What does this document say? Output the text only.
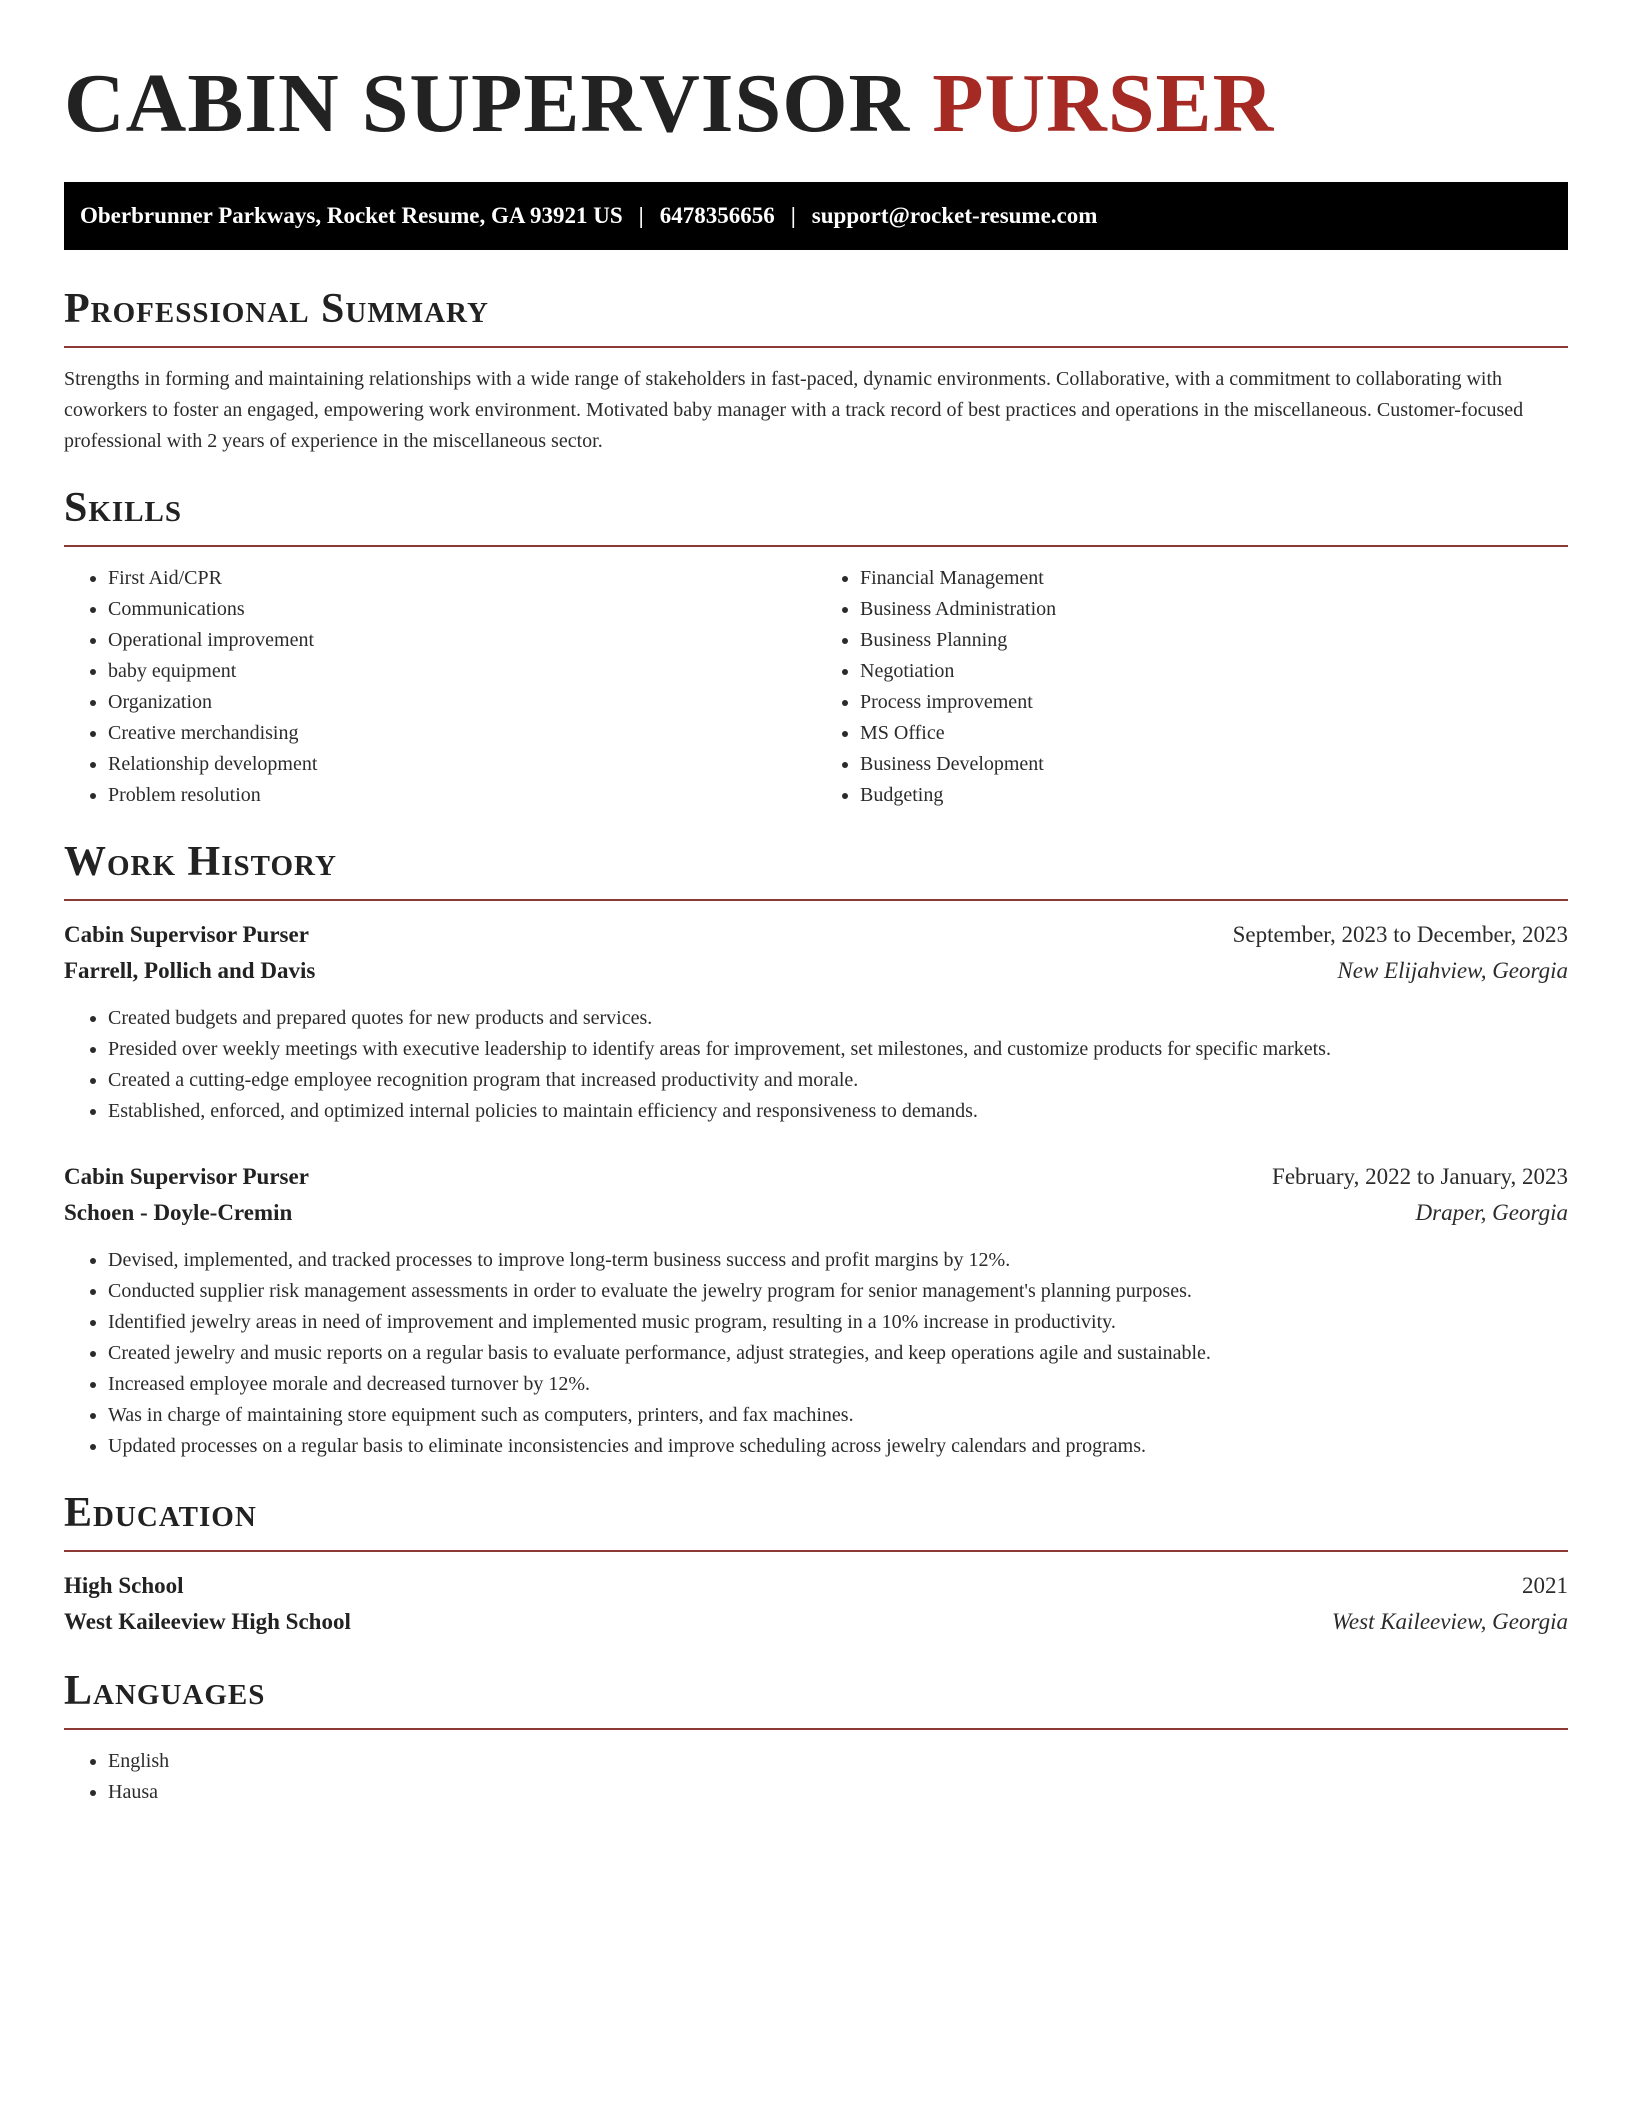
CABIN SUPERVISOR PURSER
Oberbrunner Parkways, Rocket Resume, GA 93921 US | 6478356656 | support@rocket-resume.com
Professional Summary

Strengths in forming and maintaining relationships with a wide range of stakeholders in fast-paced, dynamic environments. Collaborative, with a commitment to collaborating with coworkers to foster an engaged, empowering work environment. Motivated baby manager with a track record of best practices and operations in the miscellaneous. Customer-focused professional with 2 years of experience in the miscellaneous sector.

Skills
• First Aid/CPR
• Communications
• Operational improvement
• baby equipment
• Organization
• Creative merchandising
• Relationship development
• Problem resolution
• Financial Management
• Business Administration
• Business Planning
• Negotiation
• Process improvement
• MS Office
• Business Development
• Budgeting
Work History
Cabin Supervisor Purser	September, 2023 to December, 2023
Farrell, Pollich and Davis	New Elijahview, Georgia
• Created budgets and prepared quotes for new products and services.
• Presided over weekly meetings with executive leadership to identify areas for improvement, set milestones, and customize products for specific markets.
• Created a cutting-edge employee recognition program that increased productivity and morale.
• Established, enforced, and optimized internal policies to maintain efficiency and responsiveness to demands.
Cabin Supervisor Purser	February, 2022 to January, 2023
Schoen - Doyle-Cremin	Draper, Georgia
• Devised, implemented, and tracked processes to improve long-term business success and profit margins by 12%.
• Conducted supplier risk management assessments in order to evaluate the jewelry program for senior management's planning purposes.
• Identified jewelry areas in need of improvement and implemented music program, resulting in a 10% increase in productivity.
• Created jewelry and music reports on a regular basis to evaluate performance, adjust strategies, and keep operations agile and sustainable.
• Increased employee morale and decreased turnover by 12%.
• Was in charge of maintaining store equipment such as computers, printers, and fax machines.
• Updated processes on a regular basis to eliminate inconsistencies and improve scheduling across jewelry calendars and programs.
Education
High School	2021
West Kaileeview High School	West Kaileeview, Georgia
Languages
• English
• Hausa
